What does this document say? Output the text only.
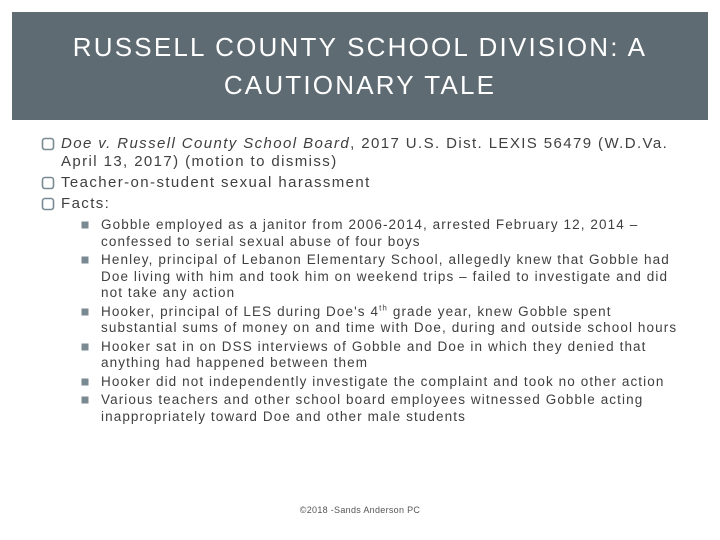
RUSSELL COUNTY SCHOOL DIVISION: A
CAUTIONARY TALE

Doe v. Russell County School Board, 2017 U.S. Dist. LEXIS 56479 (W.D.Va. April 13, 2017) (motion to dismiss)

Teacher-on-student sexual harassment

Facts:
Gobble employed as a janitor from 2006-2014, arrested February 12, 2014 – confessed to serial sexual abuse of four boys
Henley, principal of Lebanon Elementary School, allegedly knew that Gobble had Doe living with him and took him on weekend trips – failed to investigate and did not take any action
Hooker, principal of LES during Doe's 4th grade year, knew Gobble spent substantial sums of money on and time with Doe, during and outside school hours
Hooker sat in on DSS interviews of Gobble and Doe in which they denied that anything had happened between them
Hooker did not independently investigate the complaint and took no other action
Various teachers and other school board employees witnessed Gobble acting inappropriately toward Doe and other male students
©2018 -Sands Anderson PC
